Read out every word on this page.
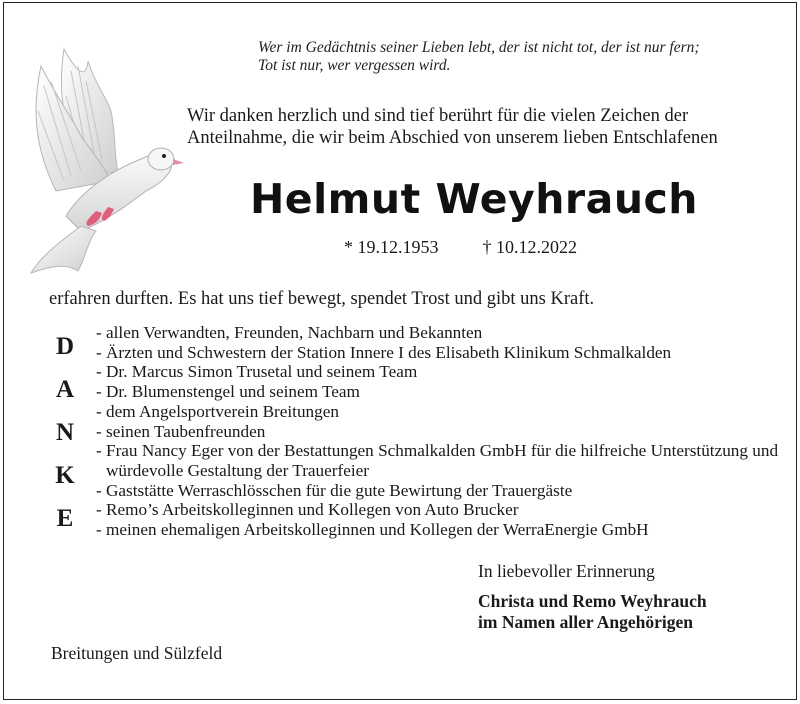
Wer im Gedächtnis seiner Lieben lebt, der ist nicht tot, der ist nur fern;
Tot ist nur, wer vergessen wird.
Wir danken herzlich und sind tief berührt für die vielen Zeichen der
Anteilnahme, die wir beim Abschied von unserem lieben Entschlafenen
Helmut Weyhrauch
* 19.12.1953 † 10.12.2022
erfahren durften. Es hat uns tief bewegt, spendet Trost und gibt uns Kraft.
D
A
N
K
E
- allen Verwandten, Freunden, Nachbarn und Bekannten
- Ärzten und Schwestern der Station Innere I des Elisabeth Klinikum Schmalkalden
- Dr. Marcus Simon Trusetal und seinem Team
- Dr. Blumenstengel und seinem Team
- dem Angelsportverein Breitungen
- seinen Taubenfreunden
- Frau Nancy Eger von der Bestattungen Schmalkalden GmbH für die hilfreiche Unterstützung und würdevolle Gestaltung der Trauerfeier
- Gaststätte Werraschlösschen für die gute Bewirtung der Trauergäste
- Remo’s Arbeitskolleginnen und Kollegen von Auto Brucker
- meinen ehemaligen Arbeitskolleginnen und Kollegen der WerraEnergie GmbH
In liebevoller Erinnerung
Christa und Remo Weyhrauch
im Namen aller Angehörigen
Breitungen und Sülzfeld
